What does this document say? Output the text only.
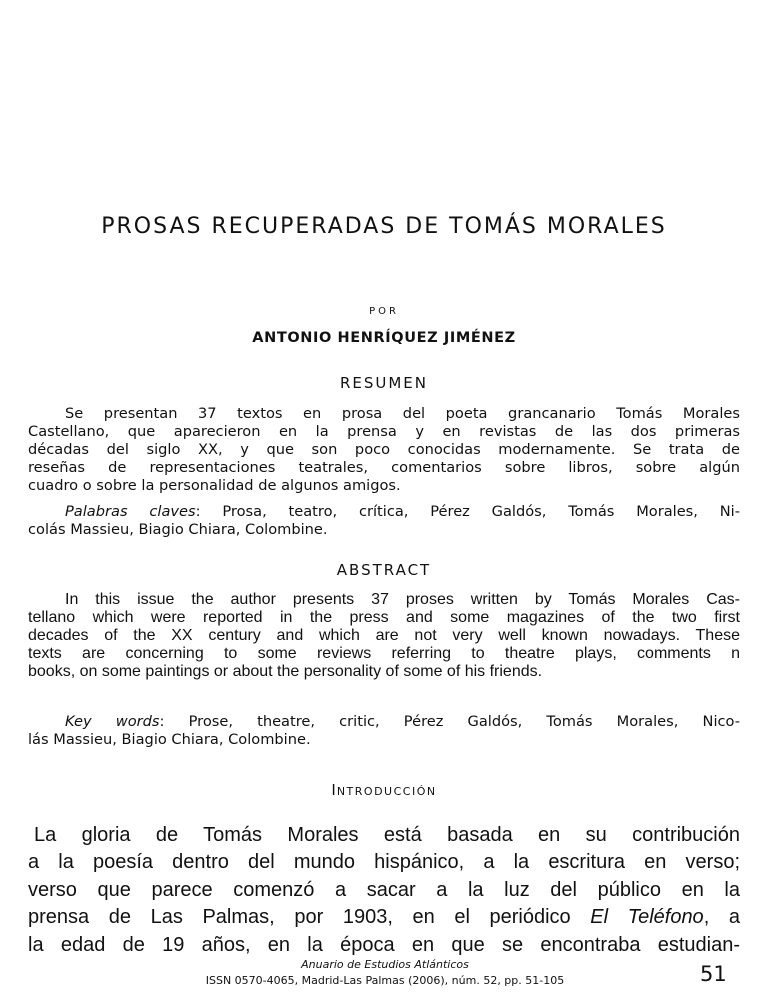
PROSAS RECUPERADAS DE TOMÁS MORALES
POR
ANTONIO HENRÍQUEZ JIMÉNEZ
RESUMEN
Se presentan 37 textos en prosa del poeta grancanario Tomás Morales
Castellano, que aparecieron en la prensa y en revistas de las dos primeras
décadas del siglo XX, y que son poco conocidas modernamente. Se trata de
reseñas de representaciones teatrales, comentarios sobre libros, sobre algún
cuadro o sobre la personalidad de algunos amigos.
Palabras claves: Prosa, teatro, crítica, Pérez Galdós, Tomás Morales, Ni-
colás Massieu, Biagio Chiara, Colombine.
ABSTRACT
In this issue the author presents 37 proses written by Tomás Morales Cas-
tellano which were reported in the press and some magazines of the two first
decades of the XX century and which are not very well known nowadays. These
texts are concerning to some reviews referring to theatre plays, comments n
books, on some paintings or about the personality of some of his friends.
Key words: Prose, theatre, critic, Pérez Galdós, Tomás Morales, Nico-
lás Massieu, Biagio Chiara, Colombine.
INTRODUCCIÓN
La gloria de Tomás Morales está basada en su contribución
a la poesía dentro del mundo hispánico, a la escritura en verso;
verso que parece comenzó a sacar a la luz del público en la
prensa de Las Palmas, por 1903, en el periódico El Teléfono, a
la edad de 19 años, en la época en que se encontraba estudian-
Anuario de Estudios Atlánticos
ISSN 0570-4065, Madrid-Las Palmas (2006), núm. 52, pp. 51-105	51
